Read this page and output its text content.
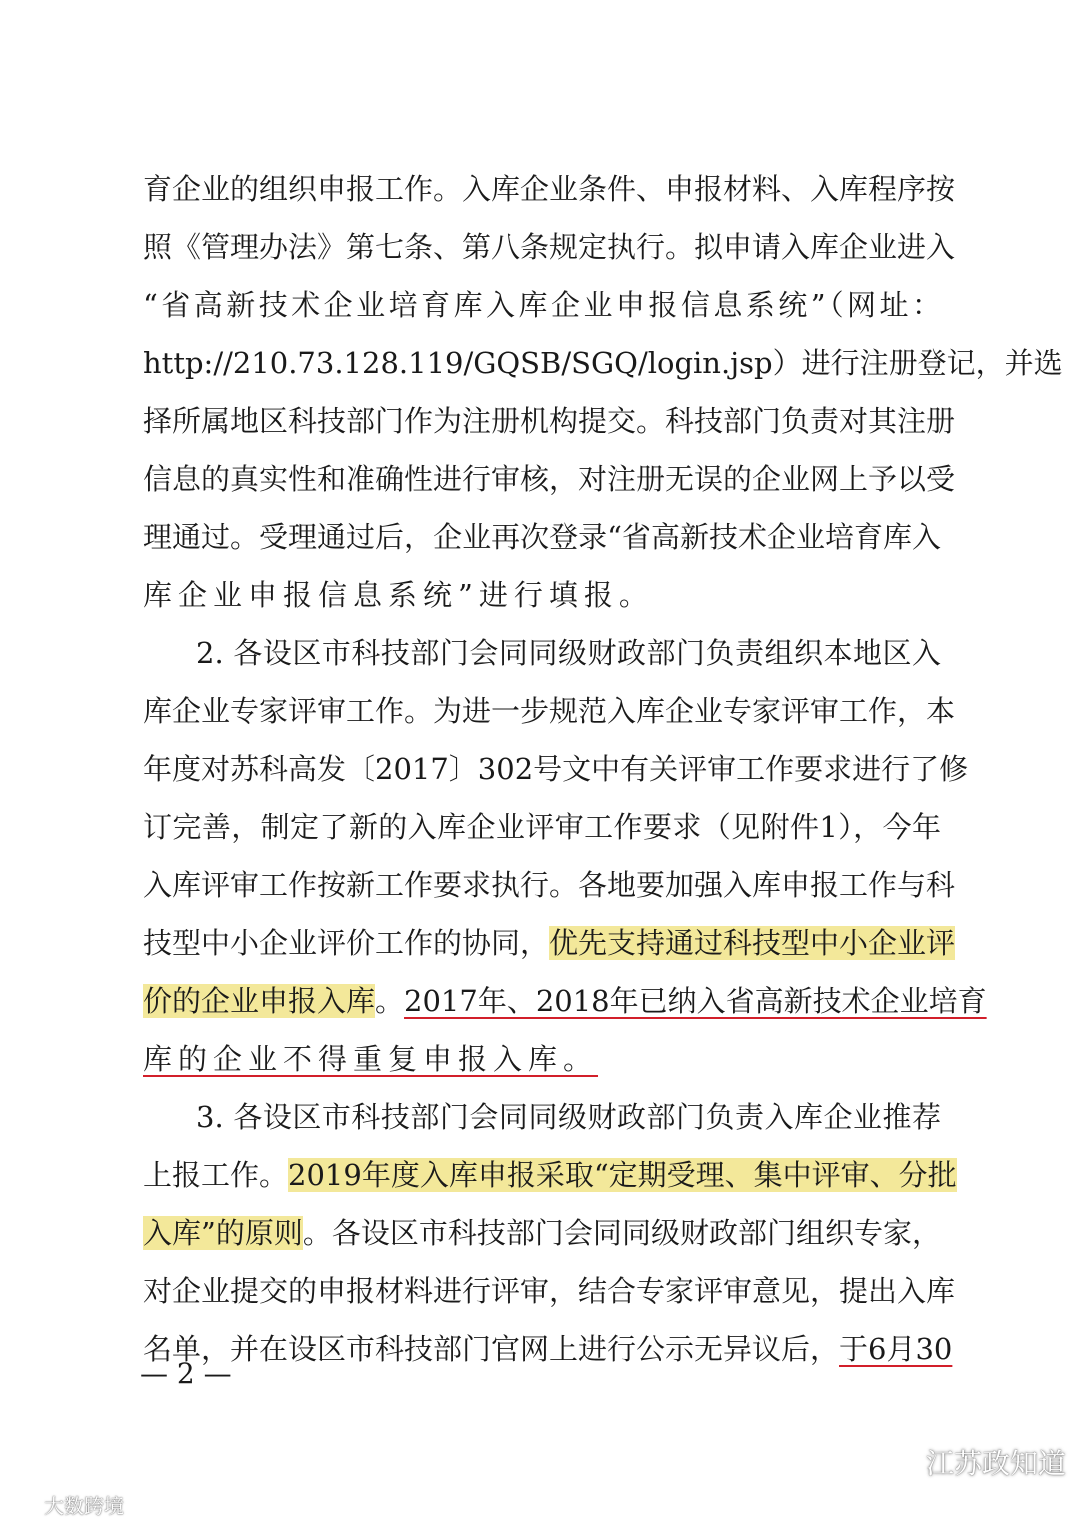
育企业的组织申报工作。入库企业条件、申报材料、入库程序按
照《管理办法》第七条、第八条规定执行。拟申请入库企业进入
“省高新技术企业培育库入库企业申报信息系统”（网址：
http://210.73.128.119/GQSB/SGQ/login.jsp）进行注册登记，并选
择所属地区科技部门作为注册机构提交。科技部门负责对其注册
信息的真实性和准确性进行审核，对注册无误的企业网上予以受
理通过。受理通过后，企业再次登录“省高新技术企业培育库入
库企业申报信息系统”进行填报。
2. 各设区市科技部门会同同级财政部门负责组织本地区入
库企业专家评审工作。为进一步规范入库企业专家评审工作，本
年度对苏科高发〔2017〕302号文中有关评审工作要求进行了修
订完善，制定了新的入库企业评审工作要求（见附件1），今年
入库评审工作按新工作要求执行。各地要加强入库申报工作与科
技型中小企业评价工作的协同，优先支持通过科技型中小企业评
价的企业申报入库。2017年、2018年已纳入省高新技术企业培育
库的企业不得重复申报入库。
3. 各设区市科技部门会同同级财政部门负责入库企业推荐
上报工作。2019年度入库申报采取“定期受理、集中评审、分批
入库”的原则。各设区市科技部门会同同级财政部门组织专家，
对企业提交的申报材料进行评审，结合专家评审意见，提出入库
名单，并在设区市科技部门官网上进行公示无异议后，于6月30
— 2 —
大数跨境
江苏政知道
